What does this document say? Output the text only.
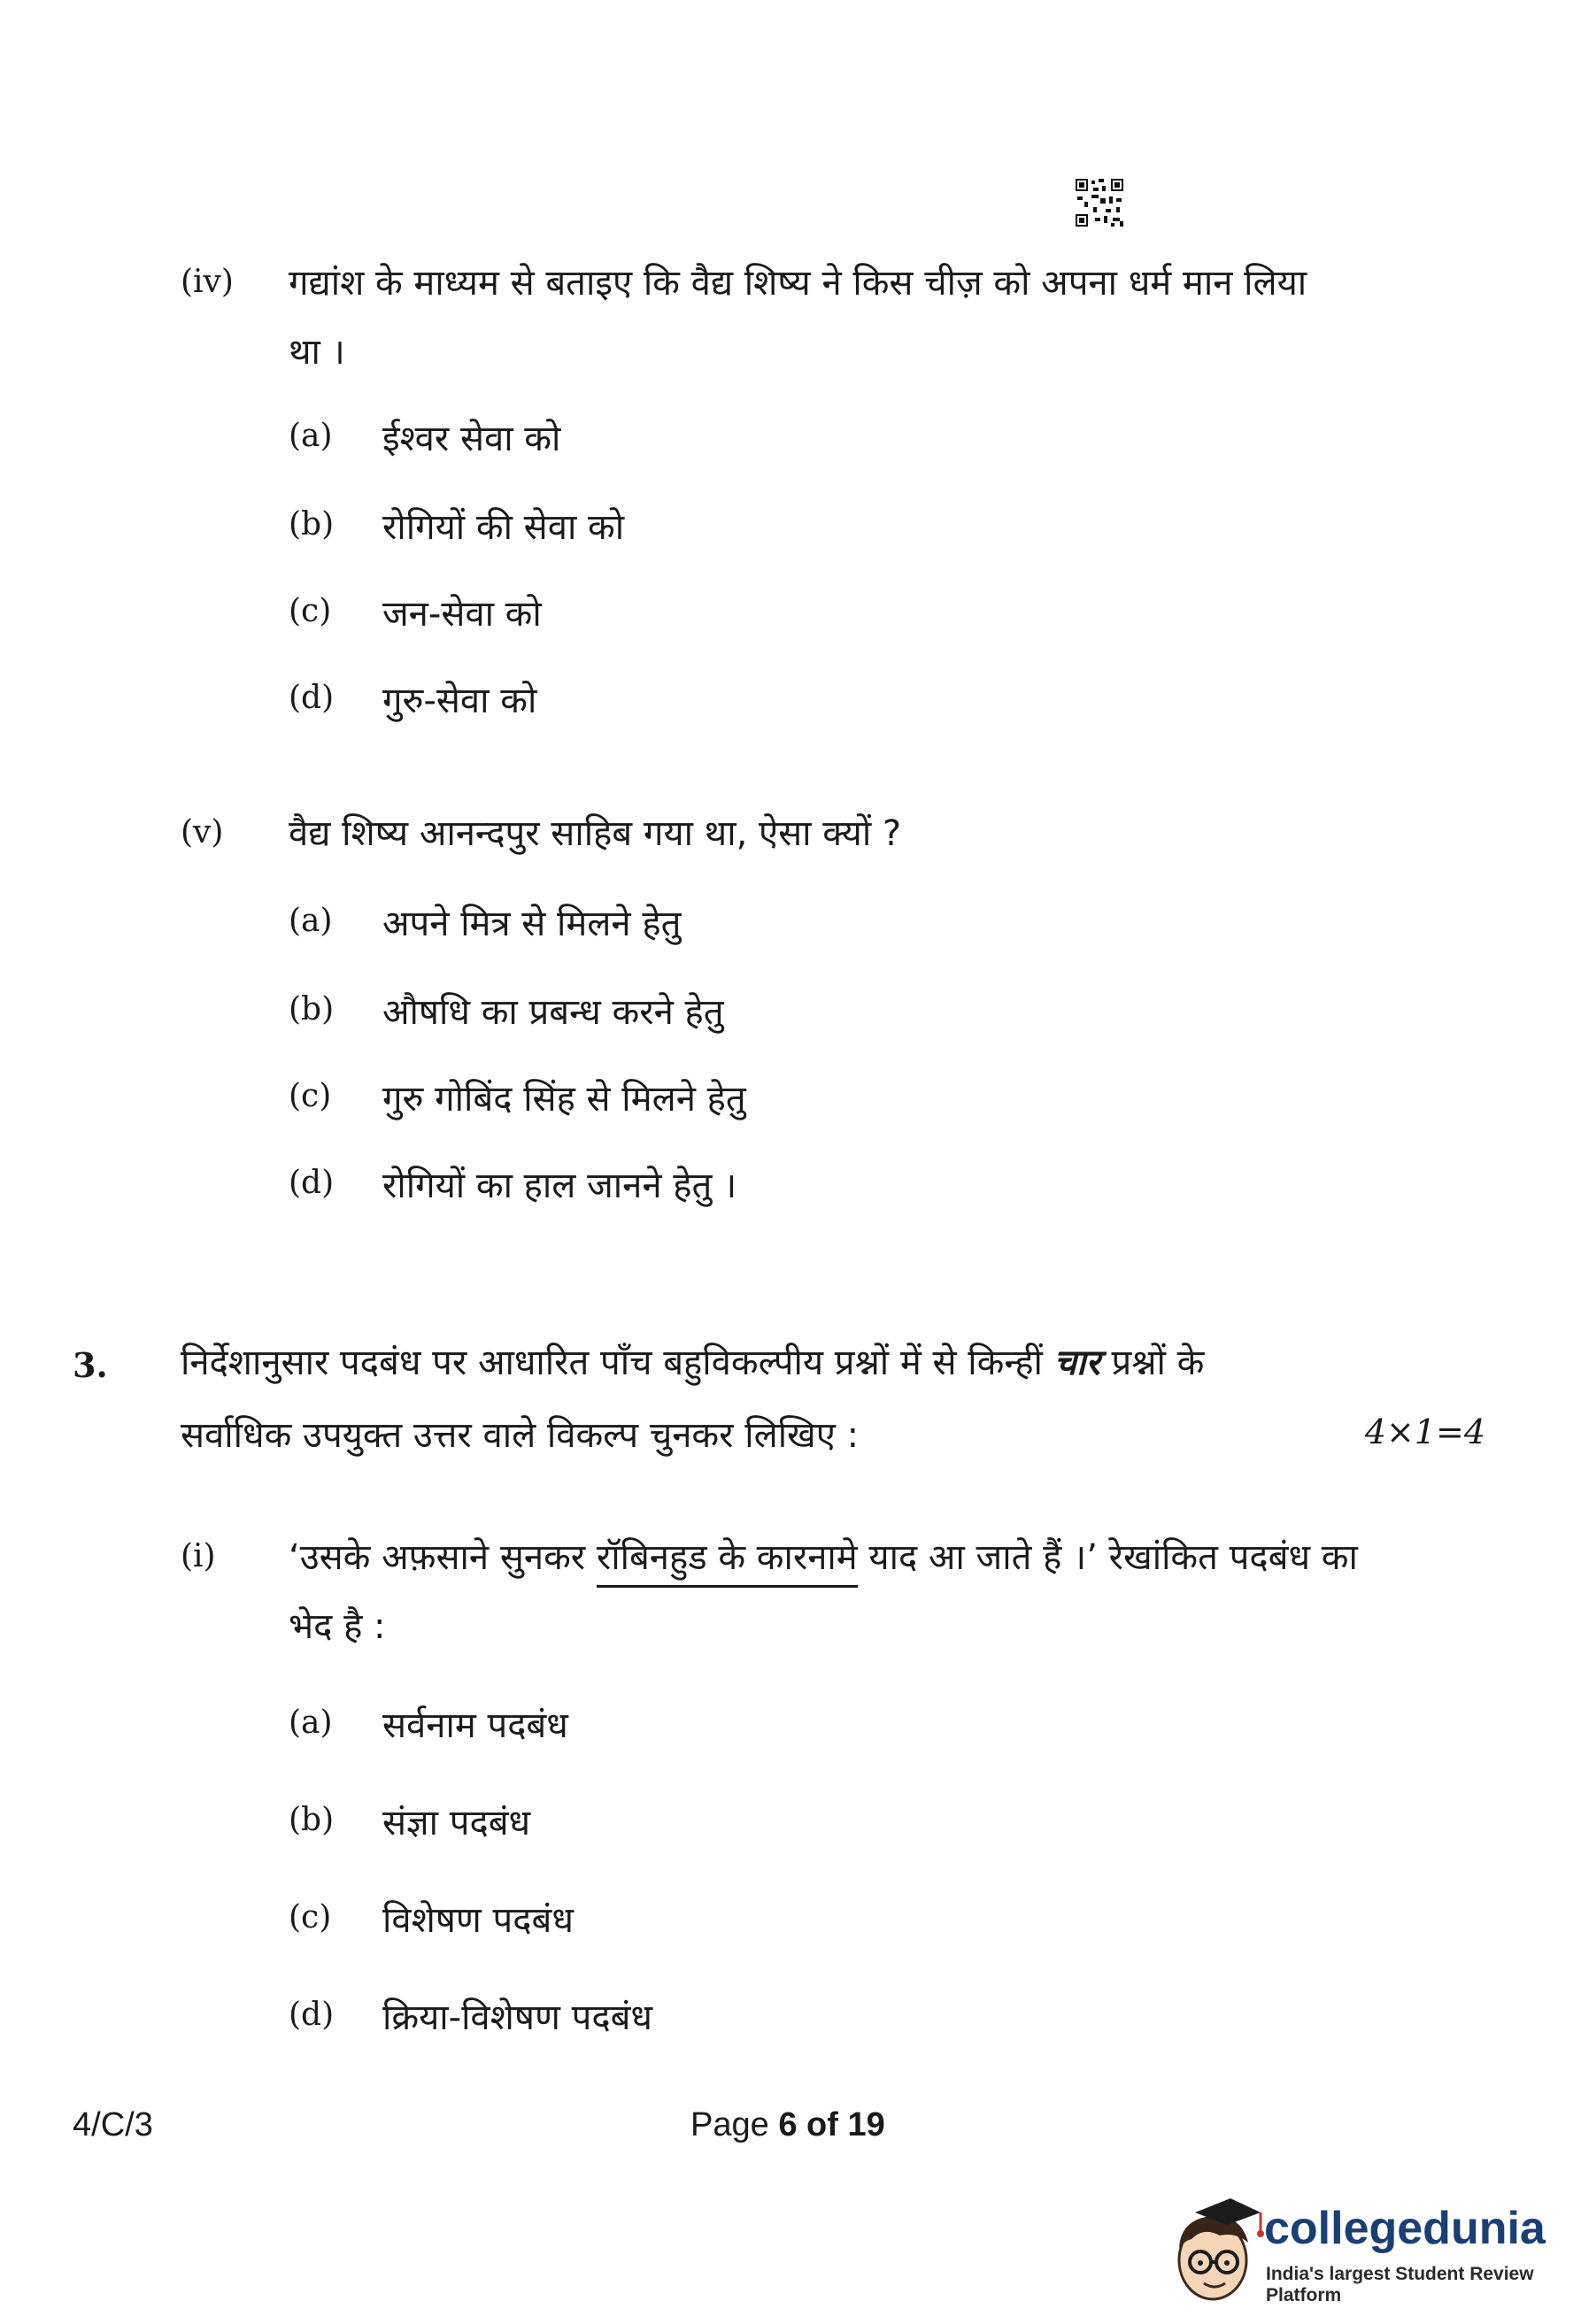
(iv) गद्यांश के माध्यम से बताइए कि वैद्य शिष्य ने किस चीज़ को अपना धर्म मान लिया
था ।
(a) ईश्वर सेवा को
(b) रोगियों की सेवा को
(c) जन-सेवा को
(d) गुरु-सेवा को
(v) वैद्य शिष्य आनन्दपुर साहिब गया था, ऐसा क्यों ?
(a) अपने मित्र से मिलने हेतु
(b) औषधि का प्रबन्ध करने हेतु
(c) गुरु गोबिंद सिंह से मिलने हेतु
(d) रोगियों का हाल जानने हेतु ।
3. निर्देशानुसार पदबंध पर आधारित पाँच बहुविकल्पीय प्रश्नों में से किन्हीं चार प्रश्नों के
सर्वाधिक उपयुक्त उत्तर वाले विकल्प चुनकर लिखिए :	4×1=4
(i) ‘उसके अफ़साने सुनकर रॉबिनहुड के कारनामे याद आ जाते हैं ।’ रेखांकित पदबंध का
भेद है :
(a) सर्वनाम पदबंध
(b) संज्ञा पदबंध
(c) विशेषण पदबंध
(d) क्रिया-विशेषण पदबंध
4/C/3	Page 6 of 19
collegedunia
India's largest Student Review Platform
